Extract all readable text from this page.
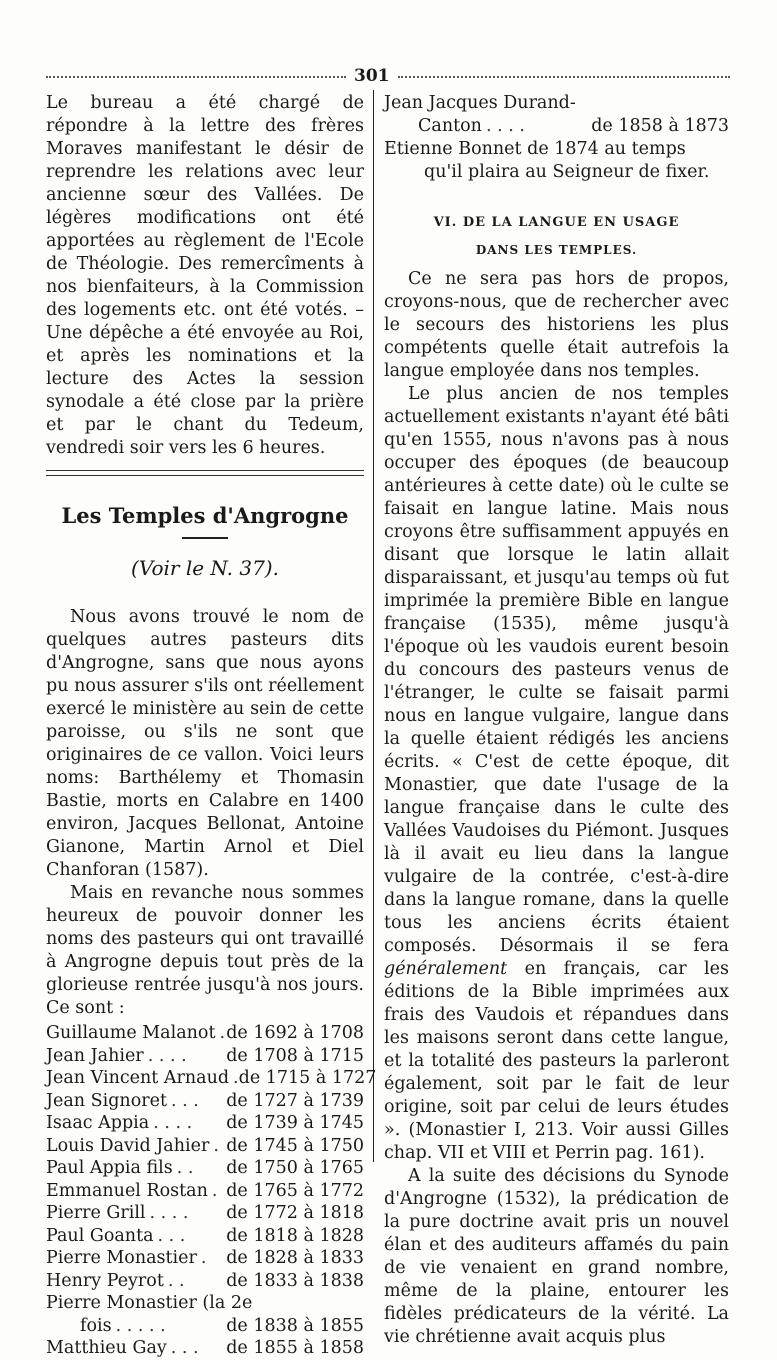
301

Le bureau a été chargé de répondre à la lettre des frères Moraves manifestant le désir de reprendre les relations avec leur ancienne sœur des Vallées. De légères modifications ont été apportées au règlement de l'Ecole de Théologie. Des remercîments à nos bienfaiteurs, à la Commission des logements etc. ont été votés. – Une dépêche a été envoyée au Roi, et après les nominations et la lecture des Actes la session synodale a été close par la prière et par le chant du Tedeum, vendredi soir vers les 6 heures.

Les Temples d'Angrogne
(Voir le N. 37).

Nous avons trouvé le nom de quelques autres pasteurs dits d'Angrogne, sans que nous ayons pu nous assurer s'ils ont réellement exercé le ministère au sein de cette paroisse, ou s'ils ne sont que originaires de ce vallon. Voici leurs noms: Barthélemy et Thomasin Bastie, morts en Calabre en 1400 environ, Jacques Bellonat, Antoine Gianone, Martin Arnol et Diel Chanforan (1587).

Mais en revanche nous sommes heureux de pouvoir donner les noms des pasteurs qui ont travaillé à Angrogne depuis tout près de la glorieuse rentrée jusqu'à nos jours. Ce sont :

Guillaume Malanot . de 1692 à 1708
Jean Jahier . . . .	de 1708 à 1715
Jean Vincent Arnaud . de 1715 à 1727
Jean Signoret . . .	de 1727 à 1739
Isaac Appia . . . .	de 1739 à 1745
Louis David Jahier . de 1745 à 1750
Paul Appia fils . .	de 1750 à 1765
Emmanuel Rostan . de 1765 à 1772
Pierre Grill . . . .	de 1772 à 1818
Paul Goanta . . .	de 1818 à 1828
Pierre Monastier .	de 1828 à 1833
Henry Peyrot . .	de 1833 à 1838
Pierre Monastier (la 2e
fois . . . . .	de 1838 à 1855
Matthieu Gay . . .	de 1855 à 1858
Jean Jacques Durand-
Canton . . . .	de 1858 à 1873
Etienne Bonnet de 1874 au temps
qu'il plaira au Seigneur de fixer.
VI. DE LA LANGUE EN USAGE
DANS LES TEMPLES.

Ce ne sera pas hors de propos, croyons-nous, que de rechercher avec le secours des historiens les plus compétents quelle était autrefois la langue employée dans nos temples.

Le plus ancien de nos temples actuellement existants n'ayant été bâti qu'en 1555, nous n'avons pas à nous occuper des époques (de beaucoup antérieures à cette date) où le culte se faisait en langue latine. Mais nous croyons être suffisamment appuyés en disant que lorsque le latin allait disparaissant, et jusqu'au temps où fut imprimée la première Bible en langue française (1535), même jusqu'à l'époque où les vaudois eurent besoin du concours des pasteurs venus de l'étranger, le culte se faisait parmi nous en langue vulgaire, langue dans la quelle étaient rédigés les anciens écrits. « C'est de cette époque, dit Monastier, que date l'usage de la langue française dans le culte des Vallées Vaudoises du Piémont. Jusques là il avait eu lieu dans la langue vulgaire de la contrée, c'est-à-dire dans la langue romane, dans la quelle tous les anciens écrits étaient composés. Désormais il se fera généralement en français, car les éditions de la Bible imprimées aux frais des Vaudois et répandues dans les maisons seront dans cette langue, et la totalité des pasteurs la parleront également, soit par le fait de leur origine, soit par celui de leurs études ». (Monastier I, 213. Voir aussi Gilles chap. VII et VIII et Perrin pag. 161).

A la suite des décisions du Synode d'Angrogne (1532), la prédication de la pure doctrine avait pris un nouvel élan et des auditeurs affamés du pain de vie venaient en grand nombre, même de la plaine, entourer les fidèles prédicateurs de la vérité. La vie chrétienne avait acquis plus
